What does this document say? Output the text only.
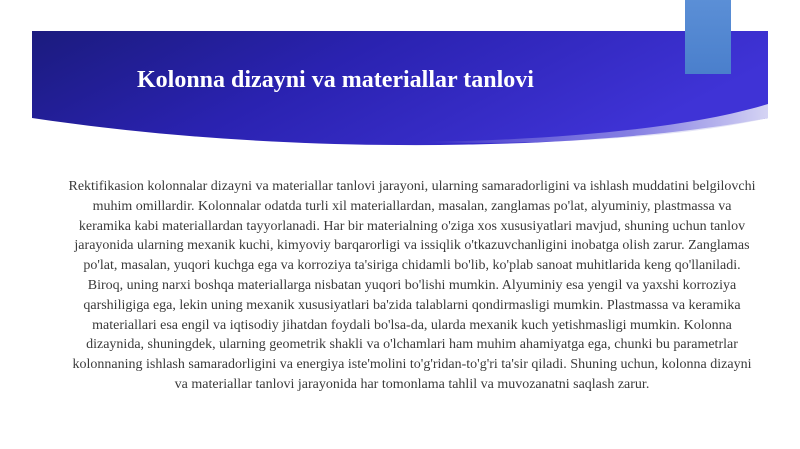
Kolonna dizayni va materiallar tanlovi

Rektifikasion kolonnalar dizayni va materiallar tanlovi jarayoni, ularning samaradorligini va ishlash muddatini belgilovchi muhim omillardir. Kolonnalar odatda turli xil materiallardan, masalan, zanglamas po'lat, alyuminiy, plastmassa va keramika kabi materiallardan tayyorlanadi. Har bir materialning o'ziga xos xususiyatlari mavjud, shuning uchun tanlov jarayonida ularning mexanik kuchi, kimyoviy barqarorligi va issiqlik o'tkazuvchanligini inobatga olish zarur. Zanglamas po'lat, masalan, yuqori kuchga ega va korroziya ta'siriga chidamli bo'lib, ko'plab sanoat muhitlarida keng qo'llaniladi. Biroq, uning narxi boshqa materiallarga nisbatan yuqori bo'lishi mumkin. Alyuminiy esa yengil va yaxshi korroziya qarshiligiga ega, lekin uning mexanik xususiyatlari ba'zida talablarni qondirmasligi mumkin. Plastmassa va keramika materiallari esa engil va iqtisodiy jihatdan foydali bo'lsa-da, ularda mexanik kuch yetishmasligi mumkin. Kolonna dizaynida, shuningdek, ularning geometrik shakli va o'lchamlari ham muhim ahamiyatga ega, chunki bu parametrlar kolonnaning ishlash samaradorligini va energiya iste'molini to'g'ridan-to'g'ri ta'sir qiladi. Shuning uchun, kolonna dizayni va materiallar tanlovi jarayonida har tomonlama tahlil va muvozanatni saqlash zarur.
